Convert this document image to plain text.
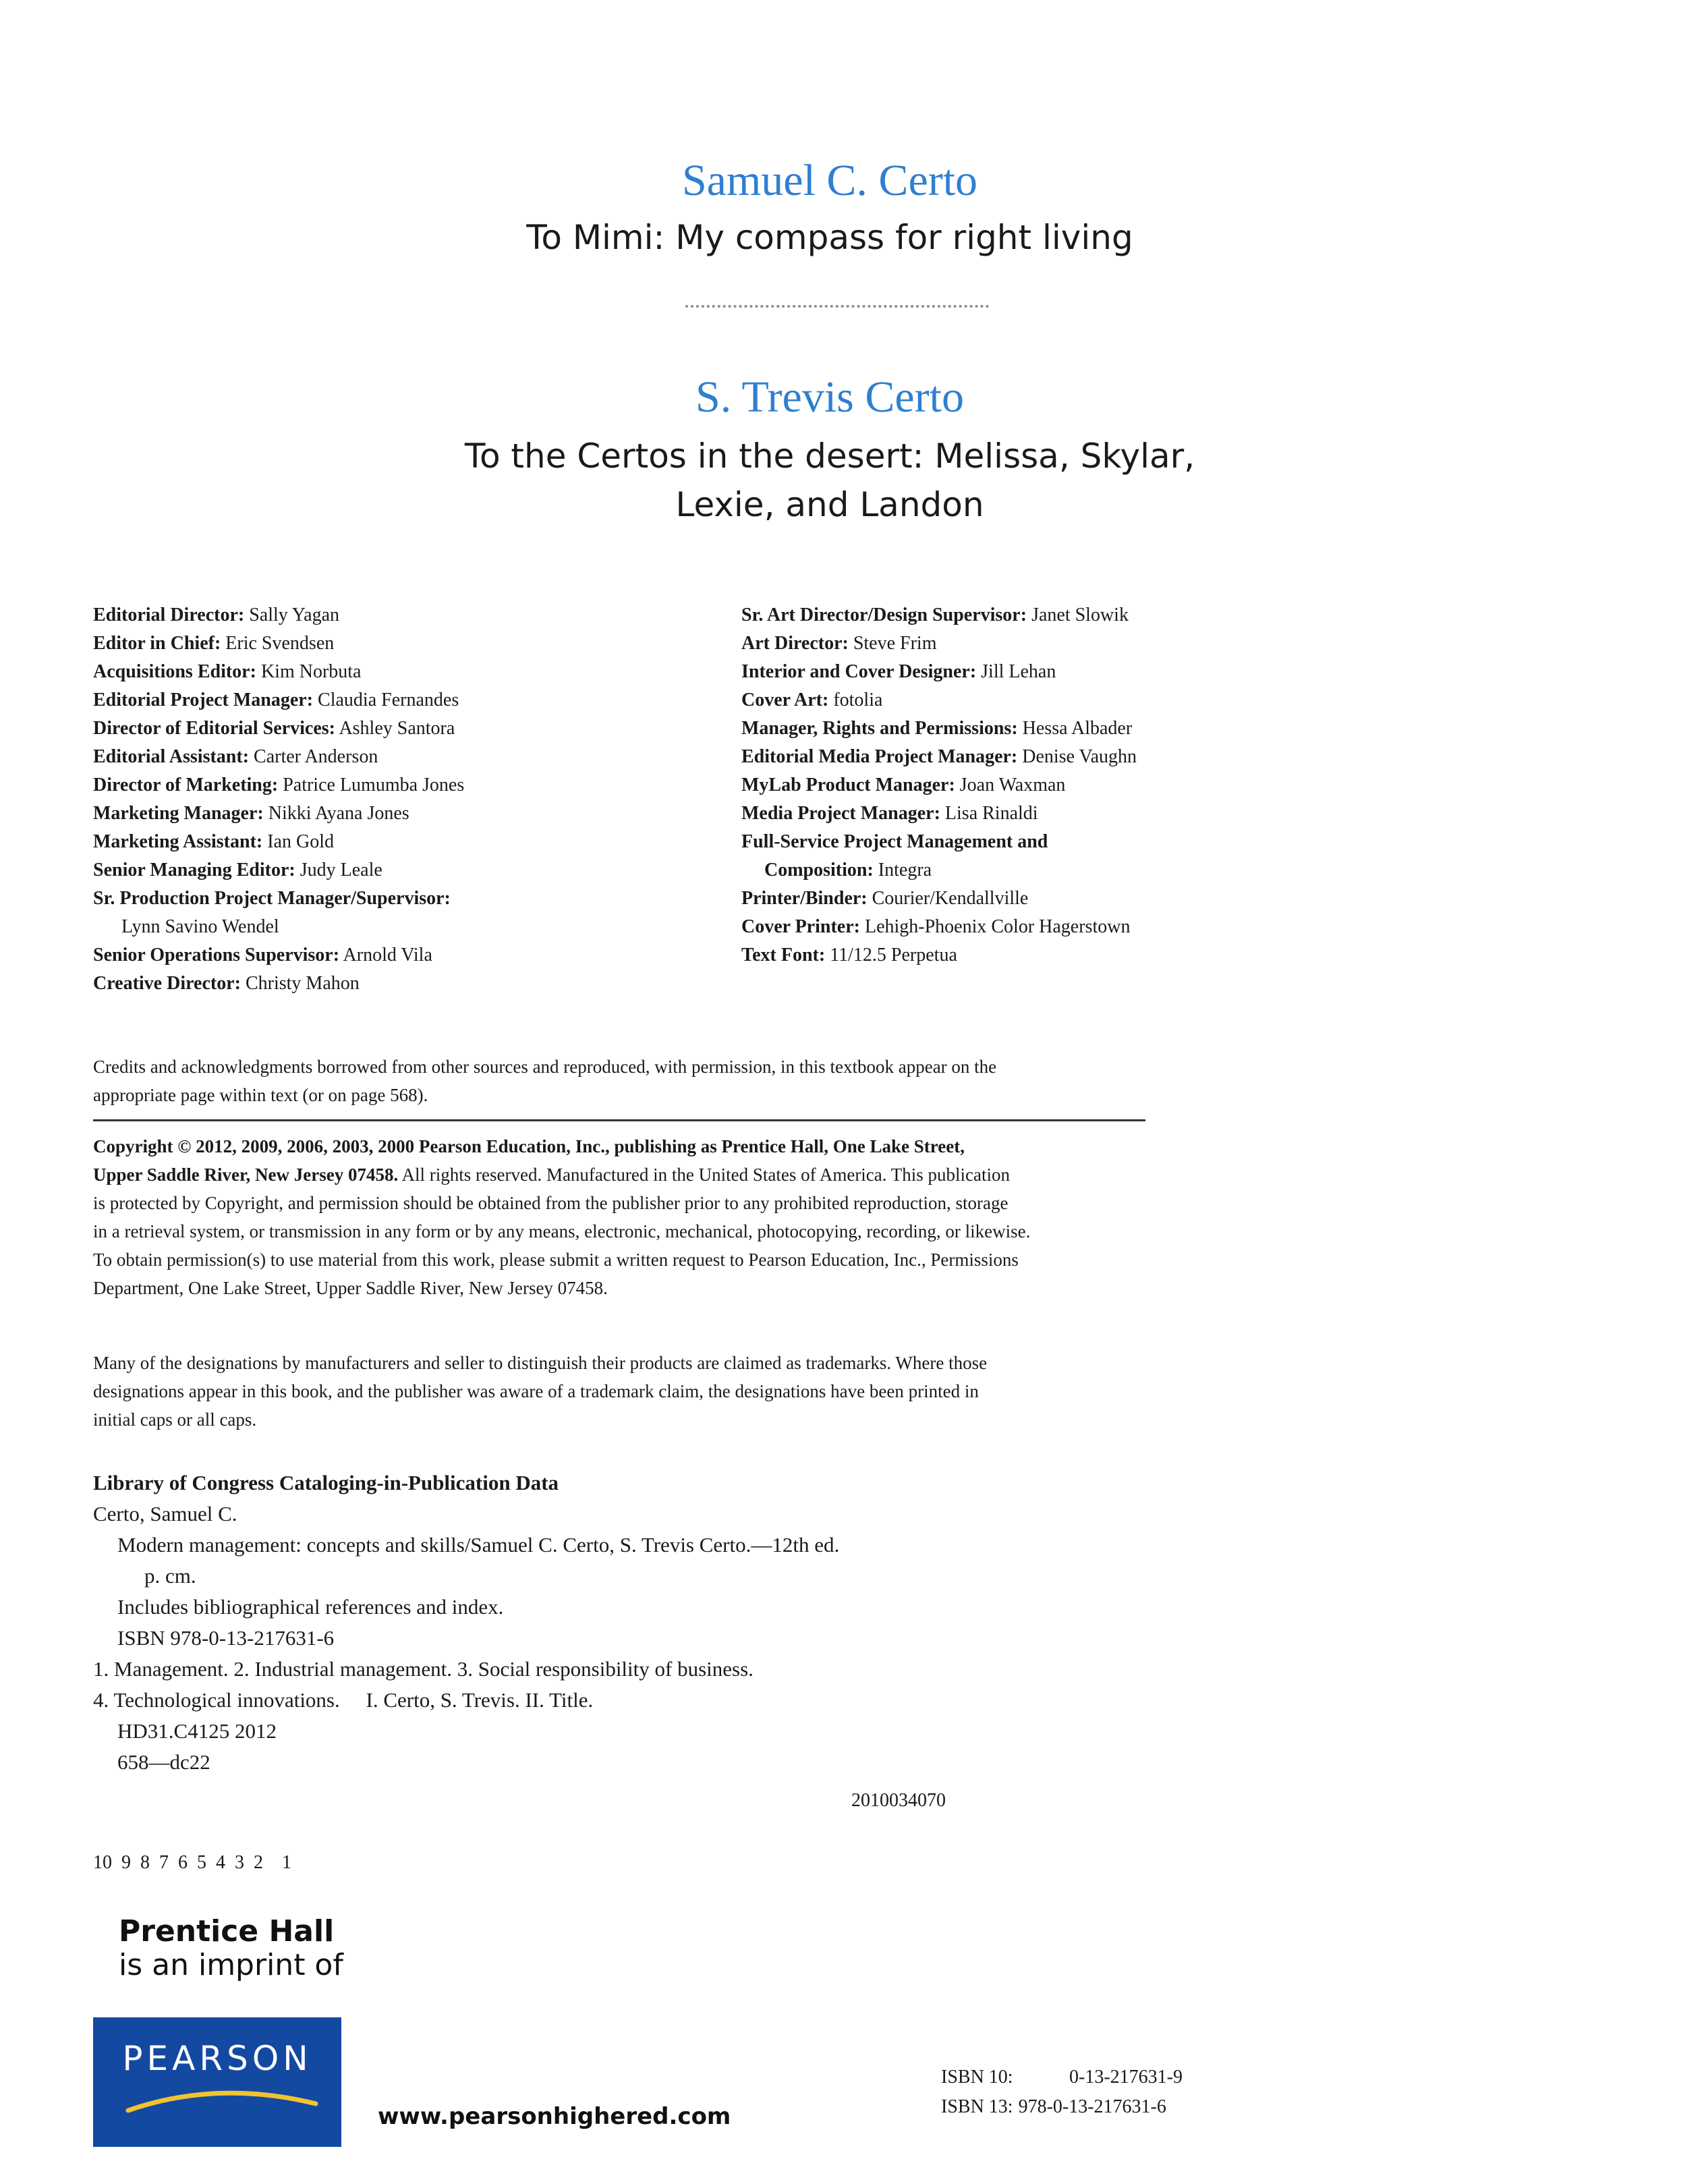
Samuel C. Certo
To Mimi: My compass for right living
S. Trevis Certo
To the Certos in the desert: Melissa, Skylar,
Lexie, and Landon
Editorial Director: Sally Yagan
Editor in Chief: Eric Svendsen
Acquisitions Editor: Kim Norbuta
Editorial Project Manager: Claudia Fernandes
Director of Editorial Services: Ashley Santora
Editorial Assistant: Carter Anderson
Director of Marketing: Patrice Lumumba Jones
Marketing Manager: Nikki Ayana Jones
Marketing Assistant: Ian Gold
Senior Managing Editor: Judy Leale
Sr. Production Project Manager/Supervisor:
Lynn Savino Wendel
Senior Operations Supervisor: Arnold Vila
Creative Director: Christy Mahon
Sr. Art Director/Design Supervisor: Janet Slowik
Art Director: Steve Frim
Interior and Cover Designer: Jill Lehan
Cover Art: fotolia
Manager, Rights and Permissions: Hessa Albader
Editorial Media Project Manager: Denise Vaughn
MyLab Product Manager: Joan Waxman
Media Project Manager: Lisa Rinaldi
Full-Service Project Management and
Composition: Integra
Printer/Binder: Courier/Kendallville
Cover Printer: Lehigh-Phoenix Color Hagerstown
Text Font: 11/12.5 Perpetua
Credits and acknowledgments borrowed from other sources and reproduced, with permission, in this textbook appear on the
appropriate page within text (or on page 568).
Copyright © 2012, 2009, 2006, 2003, 2000 Pearson Education, Inc., publishing as Prentice Hall, One Lake Street,
Upper Saddle River, New Jersey 07458. All rights reserved. Manufactured in the United States of America. This publication
is protected by Copyright, and permission should be obtained from the publisher prior to any prohibited reproduction, storage
in a retrieval system, or transmission in any form or by any means, electronic, mechanical, photocopying, recording, or likewise.
To obtain permission(s) to use material from this work, please submit a written request to Pearson Education, Inc., Permissions
Department, One Lake Street, Upper Saddle River, New Jersey 07458.
Many of the designations by manufacturers and seller to distinguish their products are claimed as trademarks. Where those
designations appear in this book, and the publisher was aware of a trademark claim, the designations have been printed in
initial caps or all caps.
Library of Congress Cataloging-in-Publication Data
Certo, Samuel C.
Modern management: concepts and skills/Samuel C. Certo, S. Trevis Certo.—12th ed.
p. cm.
Includes bibliographical references and index.
ISBN 978-0-13-217631-6
1. Management. 2. Industrial management. 3. Social responsibility of business.
4. Technological innovations.     I. Certo, S. Trevis. II. Title.
HD31.C4125 2012
658—dc22
2010034070
10  9  8  7  6  5  4  3  2    1
Prentice Hall
is an imprint of
PEARSON
www.pearsonhighered.com
ISBN 10:	0-13-217631-9
ISBN 13: 978-0-13-217631-6
